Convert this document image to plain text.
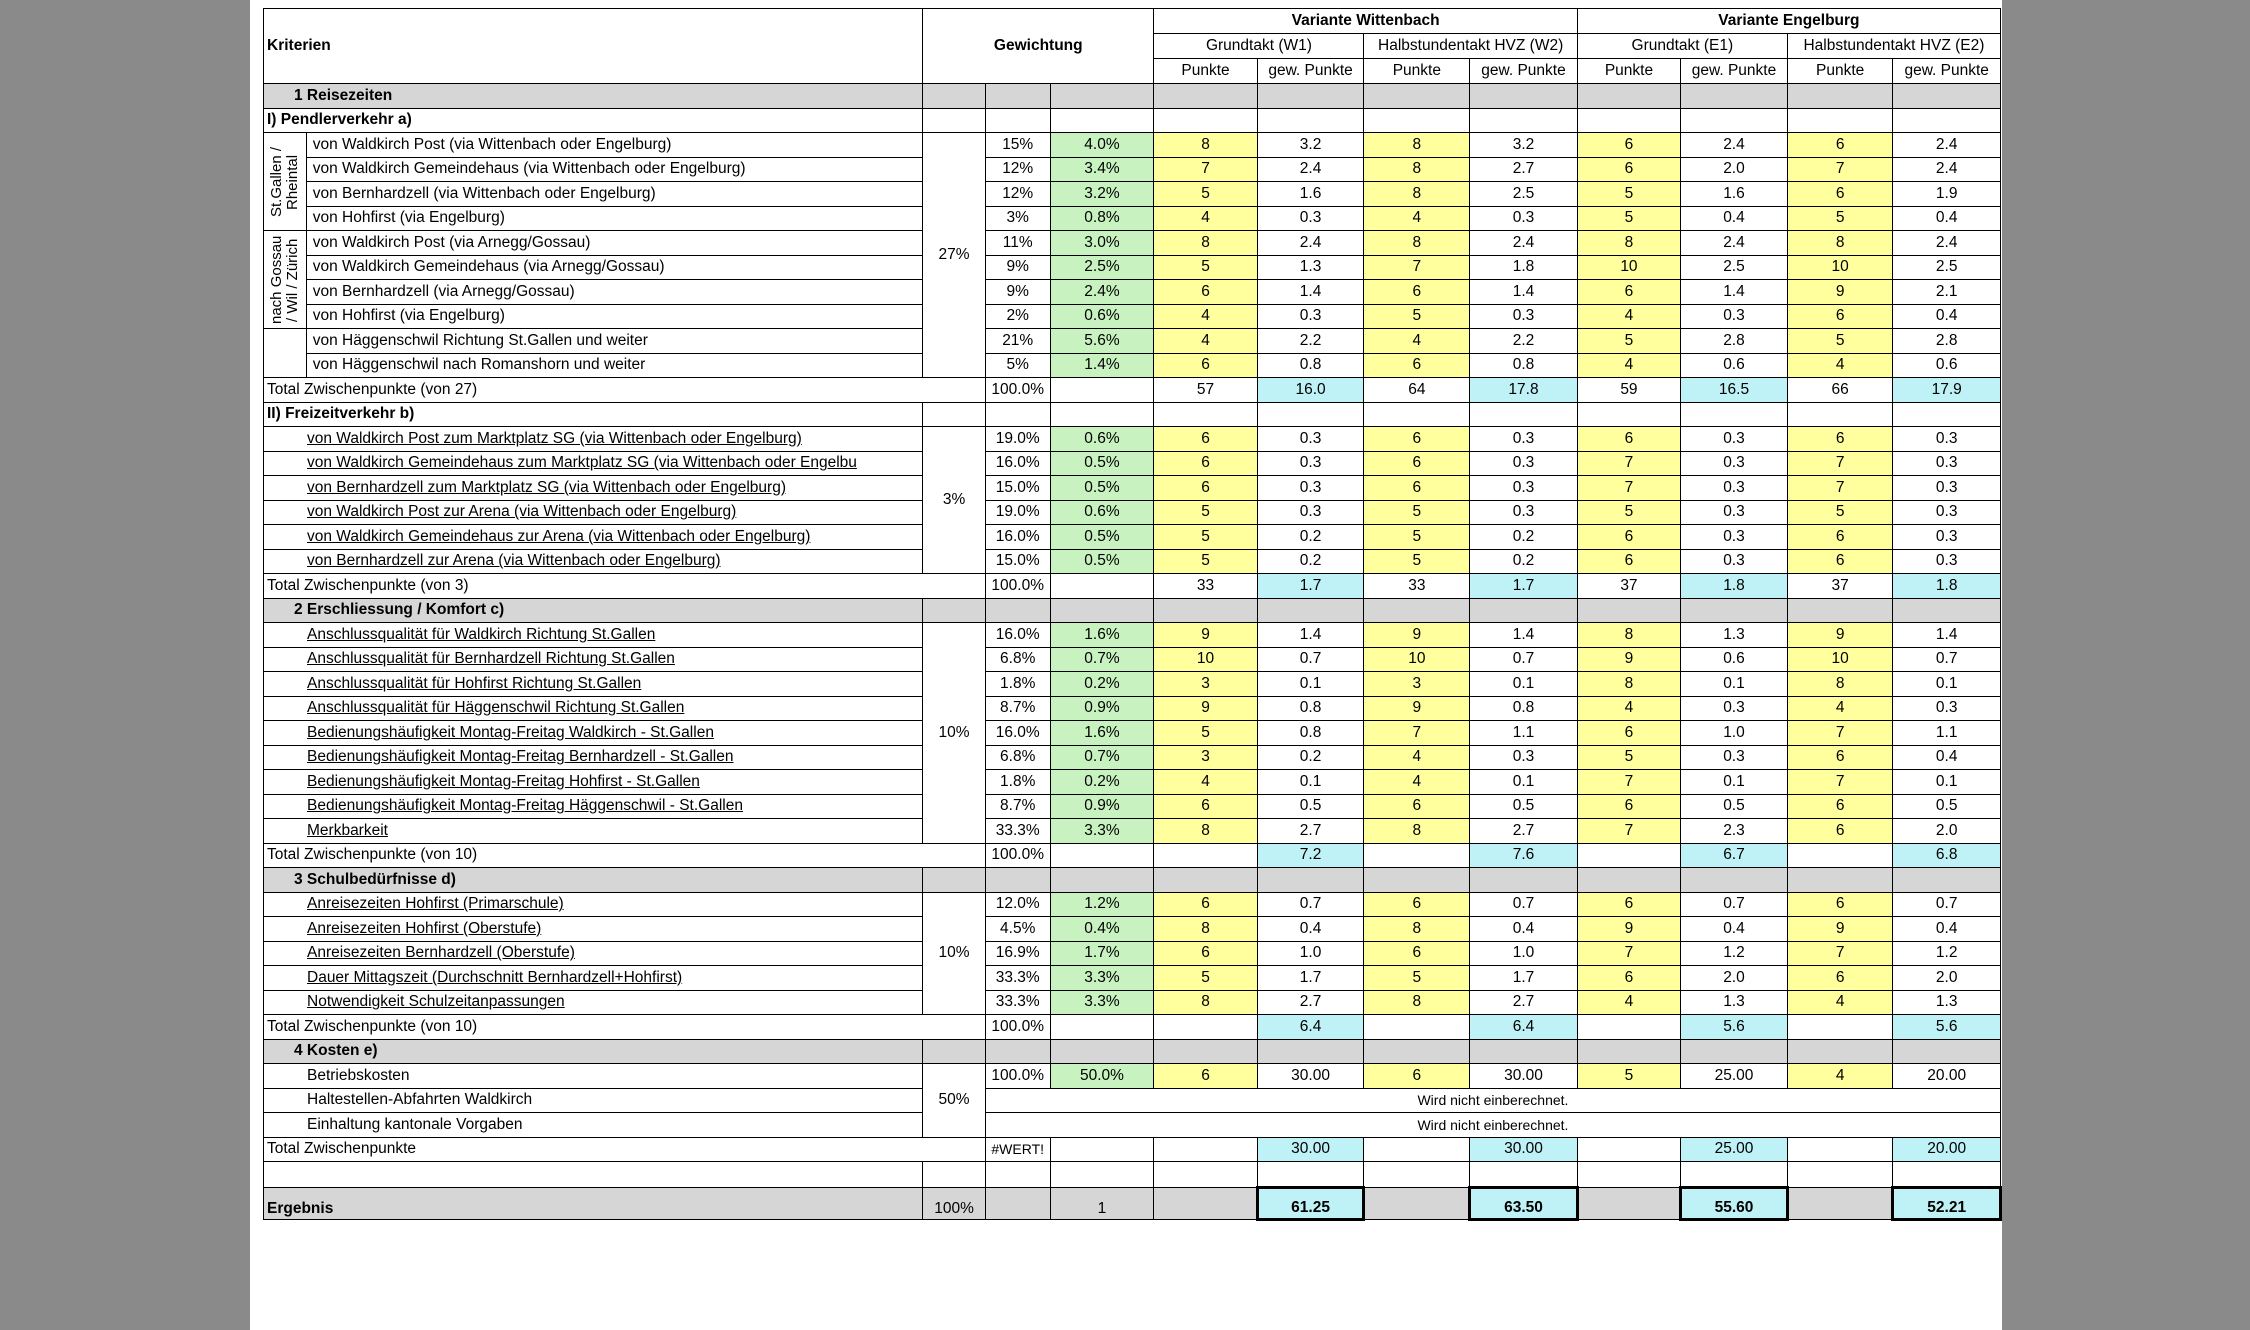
Kriterien		Gewichtung			Variante Wittenbach				Variante Engelburg			
					Grundtakt (W1)		Halbstundentakt HVZ (W2)		Grundtakt (E1)		Halbstundentakt HVZ (E2)	
					Punkte	gew. Punkte	Punkte	gew. Punkte	Punkte	gew. Punkte	Punkte	gew. Punkte
1 Reisezeiten												
I) Pendlerverkehr a)												

St.Gallen / Rheintal	von Waldkirch Post (via Wittenbach oder Engelburg)	27%	15%	4.0%	8	3.2	8	3.2	6	2.4	6	2.4
	von Waldkirch Gemeindehaus (via Wittenbach oder Engelburg)		12%	3.4%	7	2.4	8	2.7	6	2.0	7	2.4
	von Bernhardzell (via Wittenbach oder Engelburg)		12%	3.2%	5	1.6	8	2.5	5	1.6	6	1.9
	von Hohfirst (via Engelburg)		3%	0.8%	4	0.3	4	0.3	5	0.4	5	0.4

nach Gossau / Wil / Zürich	von Waldkirch Post (via Arnegg/Gossau)		11%	3.0%	8	2.4	8	2.4	8	2.4	8	2.4
	von Waldkirch Gemeindehaus (via Arnegg/Gossau)		9%	2.5%	5	1.3	7	1.8	10	2.5	10	2.5
	von Bernhardzell (via Arnegg/Gossau)		9%	2.4%	6	1.4	6	1.4	6	1.4	9	2.1
	von Hohfirst (via Engelburg)		2%	0.6%	4	0.3	5	0.3	4	0.3	6	0.4
	von Häggenschwil Richtung St.Gallen und weiter		21%	5.6%	4	2.2	4	2.2	5	2.8	5	2.8
	von Häggenschwil nach Romanshorn und weiter		5%	1.4%	6	0.8	6	0.8	4	0.6	4	0.6
Total Zwischenpunkte (von 27)			100.0%		57	16.0	64	17.8	59	16.5	66	17.9
II) Freizeitverkehr b)												
von Waldkirch Post zum Marktplatz SG (via Wittenbach oder Engelburg)		3%	19.0%	0.6%	6	0.3	6	0.3	6	0.3	6	0.3
von Waldkirch Gemeindehaus zum Marktplatz SG (via Wittenbach oder Engelbu			16.0%	0.5%	6	0.3	6	0.3	7	0.3	7	0.3
von Bernhardzell zum Marktplatz SG (via Wittenbach oder Engelburg)			15.0%	0.5%	6	0.3	6	0.3	7	0.3	7	0.3
von Waldkirch Post zur Arena (via Wittenbach oder Engelburg)			19.0%	0.6%	5	0.3	5	0.3	5	0.3	5	0.3
von Waldkirch Gemeindehaus zur Arena (via Wittenbach oder Engelburg)			16.0%	0.5%	5	0.2	5	0.2	6	0.3	6	0.3
von Bernhardzell zur Arena (via Wittenbach oder Engelburg)			15.0%	0.5%	5	0.2	5	0.2	6	0.3	6	0.3
Total Zwischenpunkte (von 3)			100.0%		33	1.7	33	1.7	37	1.8	37	1.8
2 Erschliessung / Komfort c)												
Anschlussqualität für Waldkirch Richtung St.Gallen		10%	16.0%	1.6%	9	1.4	9	1.4	8	1.3	9	1.4
Anschlussqualität für Bernhardzell Richtung St.Gallen			6.8%	0.7%	10	0.7	10	0.7	9	0.6	10	0.7
Anschlussqualität für Hohfirst Richtung St.Gallen			1.8%	0.2%	3	0.1	3	0.1	8	0.1	8	0.1
Anschlussqualität für Häggenschwil Richtung St.Gallen			8.7%	0.9%	9	0.8	9	0.8	4	0.3	4	0.3
Bedienungshäufigkeit Montag-Freitag Waldkirch - St.Gallen			16.0%	1.6%	5	0.8	7	1.1	6	1.0	7	1.1
Bedienungshäufigkeit Montag-Freitag Bernhardzell - St.Gallen			6.8%	0.7%	3	0.2	4	0.3	5	0.3	6	0.4
Bedienungshäufigkeit Montag-Freitag Hohfirst - St.Gallen			1.8%	0.2%	4	0.1	4	0.1	7	0.1	7	0.1
Bedienungshäufigkeit Montag-Freitag Häggenschwil - St.Gallen			8.7%	0.9%	6	0.5	6	0.5	6	0.5	6	0.5
Merkbarkeit			33.3%	3.3%	8	2.7	8	2.7	7	2.3	6	2.0
Total Zwischenpunkte (von 10)			100.0%			7.2		7.6		6.7		6.8
3 Schulbedürfnisse d)												
Anreisezeiten Hohfirst (Primarschule)		10%	12.0%	1.2%	6	0.7	6	0.7	6	0.7	6	0.7
Anreisezeiten Hohfirst (Oberstufe)			4.5%	0.4%	8	0.4	8	0.4	9	0.4	9	0.4
Anreisezeiten Bernhardzell (Oberstufe)			16.9%	1.7%	6	1.0	6	1.0	7	1.2	7	1.2
Dauer Mittagszeit (Durchschnitt Bernhardzell+Hohfirst)			33.3%	3.3%	5	1.7	5	1.7	6	2.0	6	2.0
Notwendigkeit Schulzeitanpassungen			33.3%	3.3%	8	2.7	8	2.7	4	1.3	4	1.3
Total Zwischenpunkte (von 10)			100.0%			6.4		6.4		5.6		5.6
4 Kosten e)												
Betriebskosten		50%	100.0%	50.0%	6	30.00	6	30.00	5	25.00	4	20.00
Haltestellen-Abfahrten Waldkirch			Wird nicht einberechnet.									
Einhaltung kantonale Vorgaben			Wird nicht einberechnet.									
Total Zwischenpunkte			#WERT!			30.00		30.00		25.00		20.00

Ergebnis		100%		1		61.25		63.50		55.60		52.21
